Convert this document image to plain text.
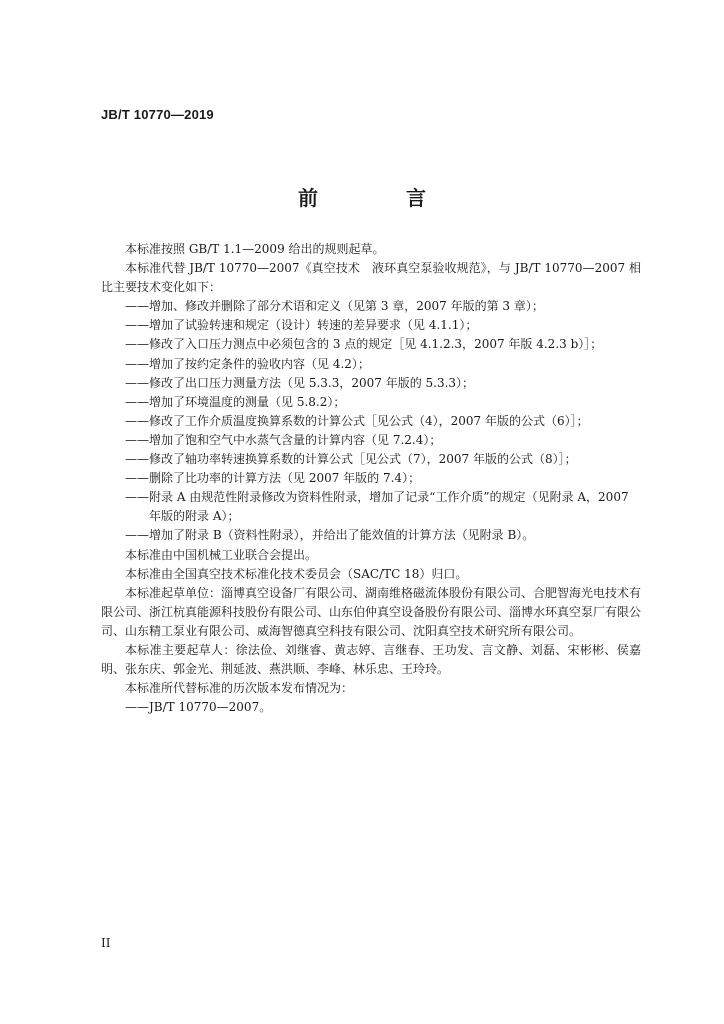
JB/T 10770—2019
前　言

本标准按照 GB/T 1.1—2009 给出的规则起草。

本标准代替 JB/T 10770—2007《真空技术　液环真空泵验收规范》，与 JB/T 10770—2007 相比主要技术变化如下：

——增加、修改并删除了部分术语和定义（见第 3 章，2007 年版的第 3 章）；

——增加了试验转速和规定（设计）转速的差异要求（见 4.1.1）；

——修改了入口压力测点中必须包含的 3 点的规定［见 4.1.2.3，2007 年版 4.2.3 b）］；

——增加了按约定条件的验收内容（见 4.2）；

——修改了出口压力测量方法（见 5.3.3，2007 年版的 5.3.3）；

——增加了环境温度的测量（见 5.8.2）；

——修改了工作介质温度换算系数的计算公式［见公式（4），2007 年版的公式（6）］；

——增加了饱和空气中水蒸气含量的计算内容（见 7.2.4）；

——修改了轴功率转速换算系数的计算公式［见公式（7），2007 年版的公式（8）］；

——删除了比功率的计算方法（见 2007 年版的 7.4）；

——附录 A 由规范性附录修改为资料性附录，增加了记录“工作介质”的规定（见附录 A，2007 年版的附录 A）；

——增加了附录 B（资料性附录），并给出了能效值的计算方法（见附录 B）。

本标准由中国机械工业联合会提出。

本标准由全国真空技术标准化技术委员会（SAC/TC 18）归口。

本标准起草单位：淄博真空设备厂有限公司、湖南维格磁流体股份有限公司、合肥智海光电技术有限公司、浙江杭真能源科技股份有限公司、山东伯仲真空设备股份有限公司、淄博水环真空泵厂有限公司、山东精工泵业有限公司、威海智德真空科技有限公司、沈阳真空技术研究所有限公司。

本标准主要起草人：徐法俭、刘继睿、黄志婷、言继春、王功发、言文静、刘磊、宋彬彬、侯嘉明、张东庆、郭金光、荆延波、燕洪顺、李峰、林乐忠、王玲玲。

本标准所代替标准的历次版本发布情况为：

——JB/T 10770—2007。

II
